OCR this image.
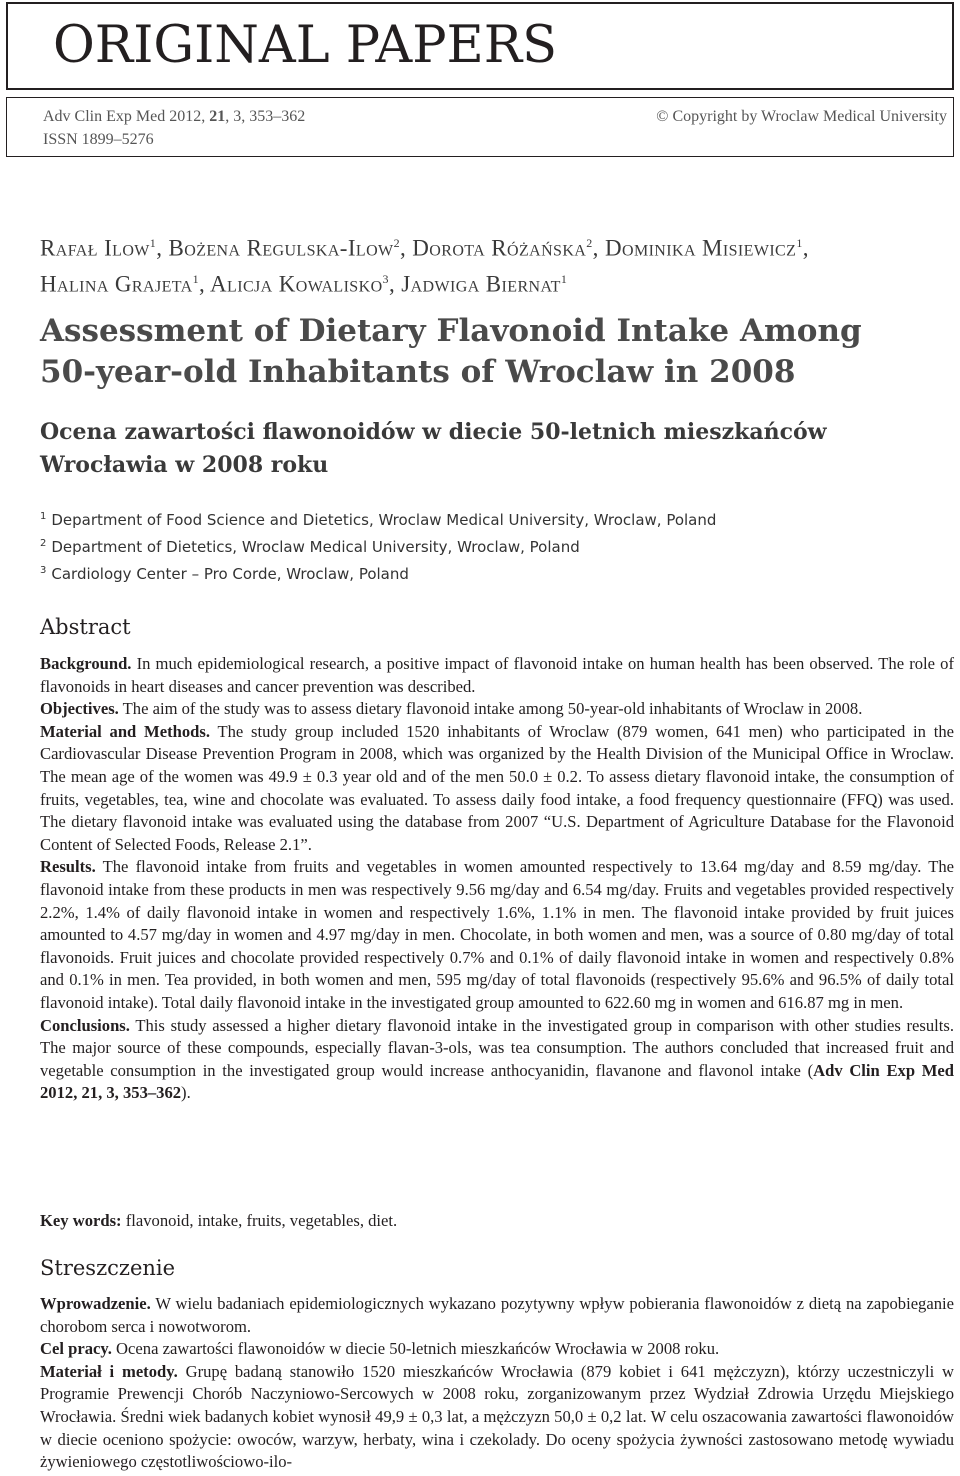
ORIGINAL PAPERS
Adv Clin Exp Med 2012, 21, 3, 353–362
ISSN 1899–5276
© Copyright by Wroclaw Medical University
Rafał Ilow$^1$, Bożena Regulska-Ilow$^2$, Dorota Różańska$^2$, Dominika Misiewicz$^1$,
Halina Grajeta$^1$, Alicja Kowalisko$^3$, Jadwiga Biernat$^1$
Assessment of Dietary Flavonoid Intake Among
50-year-old Inhabitants of Wroclaw in 2008
Ocena zawartości flawonoidów w diecie 50-letnich mieszkańców
Wrocławia w 2008 roku
$^1$ Department of Food Science and Dietetics, Wroclaw Medical University, Wroclaw, Poland
$^2$ Department of Dietetics, Wroclaw Medical University, Wroclaw, Poland
$^3$ Cardiology Center – Pro Corde, Wroclaw, Poland
Abstract

Background. In much epidemiological research, a positive impact of flavonoid intake on human health has been observed. The role of flavonoids in heart diseases and cancer prevention was described.

Objectives. The aim of the study was to assess dietary flavonoid intake among 50-year-old inhabitants of Wroclaw in 2008.

Material and Methods. The study group included 1520 inhabitants of Wroclaw (879 women, 641 men) who participated in the Cardiovascular Disease Prevention Program in 2008, which was organized by the Health Division of the Municipal Office in Wroclaw. The mean age of the women was 49.9 ± 0.3 year old and of the men 50.0 ± 0.2. To assess dietary flavonoid intake, the consumption of fruits, vegetables, tea, wine and chocolate was evaluated. To assess daily food intake, a food frequency questionnaire (FFQ) was used. The dietary flavonoid intake was evaluated using the database from 2007 “U.S. Department of Agriculture Database for the Flavonoid Content of Selected Foods, Release 2.1”.

Results. The flavonoid intake from fruits and vegetables in women amounted respectively to 13.64 mg/day and 8.59 mg/day. The flavonoid intake from these products in men was respectively 9.56 mg/day and 6.54 mg/day. Fruits and vegetables provided respectively 2.2%, 1.4% of daily flavonoid intake in women and respectively 1.6%, 1.1% in men. The flavonoid intake provided by fruit juices amounted to 4.57 mg/day in women and 4.97 mg/day in men. Chocolate, in both women and men, was a source of 0.80 mg/day of total flavonoids. Fruit juices and chocolate provided respectively 0.7% and 0.1% of daily flavonoid intake in women and respectively 0.8% and 0.1% in men. Tea provided, in both women and men, 595 mg/day of total flavonoids (respectively 95.6% and 96.5% of daily total flavonoid intake). Total daily flavonoid intake in the investigated group amounted to 622.60 mg in women and 616.87 mg in men.

Conclusions. This study assessed a higher dietary flavonoid intake in the investigated group in comparison with other studies results. The major source of these compounds, especially flavan-3-ols, was tea consumption. The authors concluded that increased fruit and vegetable consumption in the investigated group would increase anthocyanidin, flavanone and flavonol intake (Adv Clin Exp Med 2012, 21, 3, 353–362).

Key words: flavonoid, intake, fruits, vegetables, diet.
Streszczenie

Wprowadzenie. W wielu badaniach epidemiologicznych wykazano pozytywny wpływ pobierania flawonoidów z dietą na zapobieganie chorobom serca i nowotworom.

Cel pracy. Ocena zawartości flawonoidów w diecie 50-letnich mieszkańców Wrocławia w 2008 roku.

Materiał i metody. Grupę badaną stanowiło 1520 mieszkańców Wrocławia (879 kobiet i 641 mężczyzn), którzy uczestniczyli w Programie Prewencji Chorób Naczyniowo-Sercowych w 2008 roku, zorganizowanym przez Wydział Zdrowia Urzędu Miejskiego Wrocławia. Średni wiek badanych kobiet wynosił 49,9 ± 0,3 lat, a mężczyzn 50,0 ± 0,2 lat. W celu oszacowania zawartości flawonoidów w diecie oceniono spożycie: owoców, warzyw, herbaty, wina i czekolady. Do oceny spożycia żywności zastosowano metodę wywiadu żywieniowego częstotliwościowo-ilo-
